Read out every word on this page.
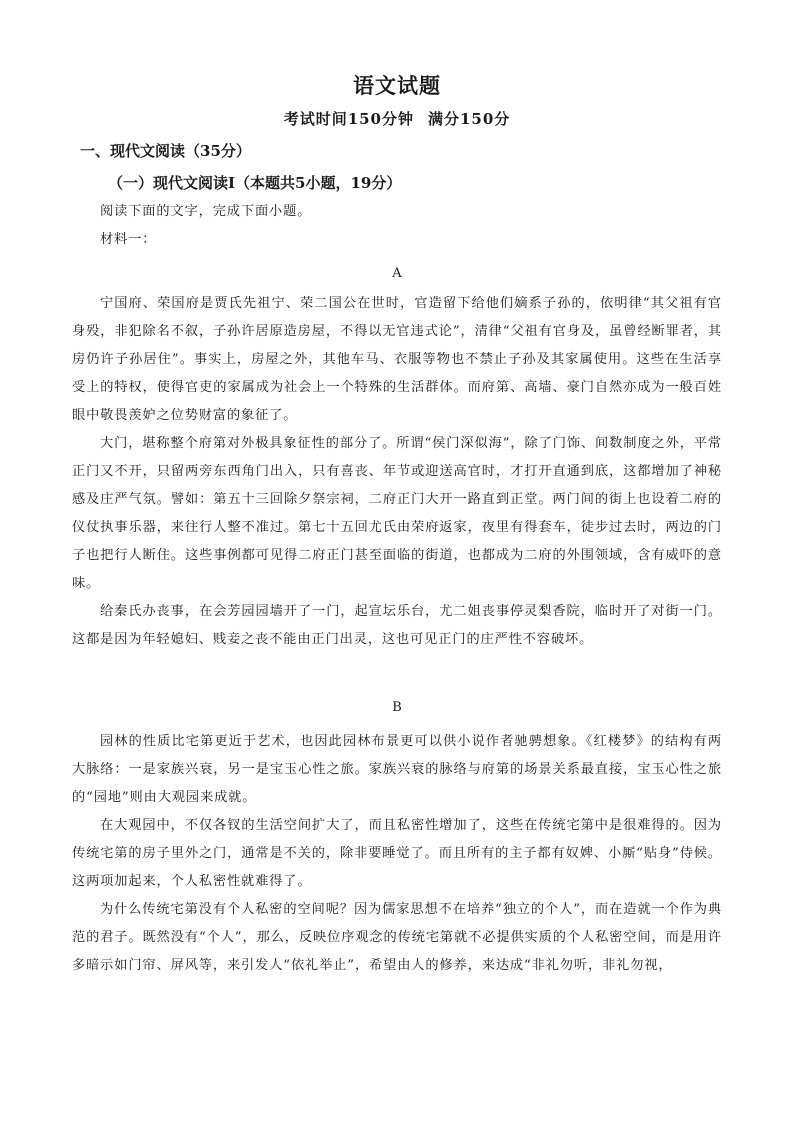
语文试题
考试时间150分钟 满分150分
一、现代文阅读（35分）
（一）现代文阅读Ⅰ（本题共5小题，19分）
阅读下面的文字，完成下面小题。
材料一：
A
宁国府、荣国府是贾氏先祖宁、荣二国公在世时，官造留下给他们嫡系子孙的，依明律“其父祖有官身殁，非犯除名不叙，子孙许居原造房屋，不得以无官违式论”，清律“父祖有官身及，虽曾经断罪者，其房仍许子孙居住”。事实上，房屋之外，其他车马、衣服等物也不禁止子孙及其家属使用。这些在生活享受上的特权，使得官吏的家属成为社会上一个特殊的生活群体。而府第、高墙、豪门自然亦成为一般百姓眼中敬畏羡妒之位势财富的象征了。
大门，堪称整个府第对外极具象征性的部分了。所谓“侯门深似海”，除了门饰、间数制度之外，平常正门又不开，只留两旁东西角门出入，只有喜丧、年节或迎送高官时，才打开直通到底，这都增加了神秘感及庄严气氛。譬如：第五十三回除夕祭宗祠，二府正门大开一路直到正堂。两门间的街上也设着二府的仪仗执事乐器，来往行人整不准过。第七十五回尤氏由荣府返家，夜里有得套车，徒步过去时，两边的门子也把行人断住。这些事例都可见得二府正门甚至面临的街道，也都成为二府的外围领域，含有威吓的意味。
给秦氏办丧事，在会芳园园墙开了一门，起宣坛乐台，尤二姐丧事停灵梨香院，临时开了对街一门。这都是因为年轻媳妇、贱妾之丧不能由正门出灵，这也可见正门的庄严性不容破坏。
B
园林的性质比宅第更近于艺术，也因此园林布景更可以供小说作者驰骋想象。《红楼梦》的结构有两大脉络：一是家族兴衰，另一是宝玉心性之旅。家族兴衰的脉络与府第的场景关系最直接，宝玉心性之旅的“园地”则由大观园来成就。
在大观园中，不仅各钗的生活空间扩大了，而且私密性增加了，这些在传统宅第中是很难得的。因为传统宅第的房子里外之门，通常是不关的，除非要睡觉了。而且所有的主子都有奴婢、小厮“贴身”侍候。这两项加起来，个人私密性就难得了。
为什么传统宅第没有个人私密的空间呢？因为儒家思想不在培养“独立的个人”，而在造就一个作为典范的君子。既然没有“个人”，那么，反映位序观念的传统宅第就不必提供实质的个人私密空间，而是用许多暗示如门帘、屏风等，来引发人“依礼举止”，希望由人的修养，来达成“非礼勿听，非礼勿视，
